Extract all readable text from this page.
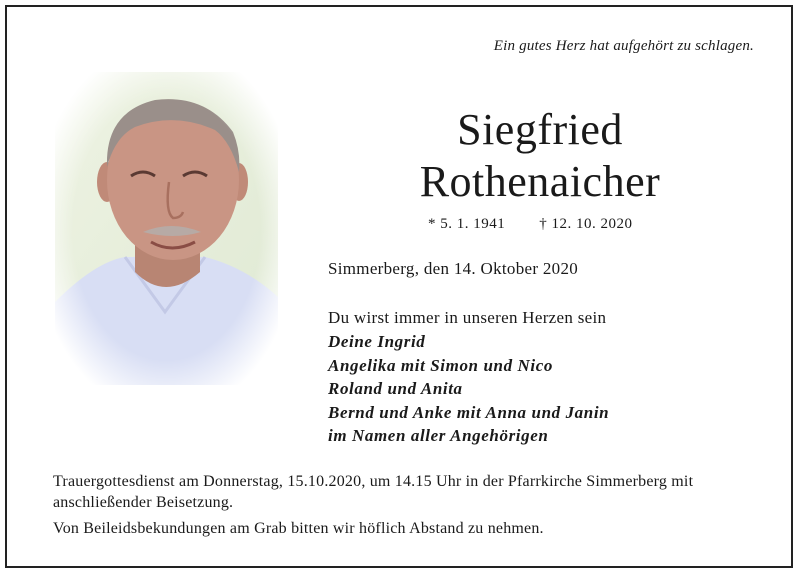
Ein gutes Herz hat aufgehört zu schlagen.
Siegfried
Rothenaicher
* 5. 1. 1941 † 12. 10. 2020
Simmerberg, den 14. Oktober 2020
Du wirst immer in unseren Herzen sein
Deine Ingrid
Angelika mit Simon und Nico
Roland und Anita
Bernd und Anke mit Anna und Janin
im Namen aller Angehörigen

Trauergottesdienst am Donnerstag, 15.10.2020, um 14.15 Uhr in der Pfarrkirche Simmerberg mit anschließender Beisetzung.

Von Beileidsbekundungen am Grab bitten wir höflich Abstand zu nehmen.
